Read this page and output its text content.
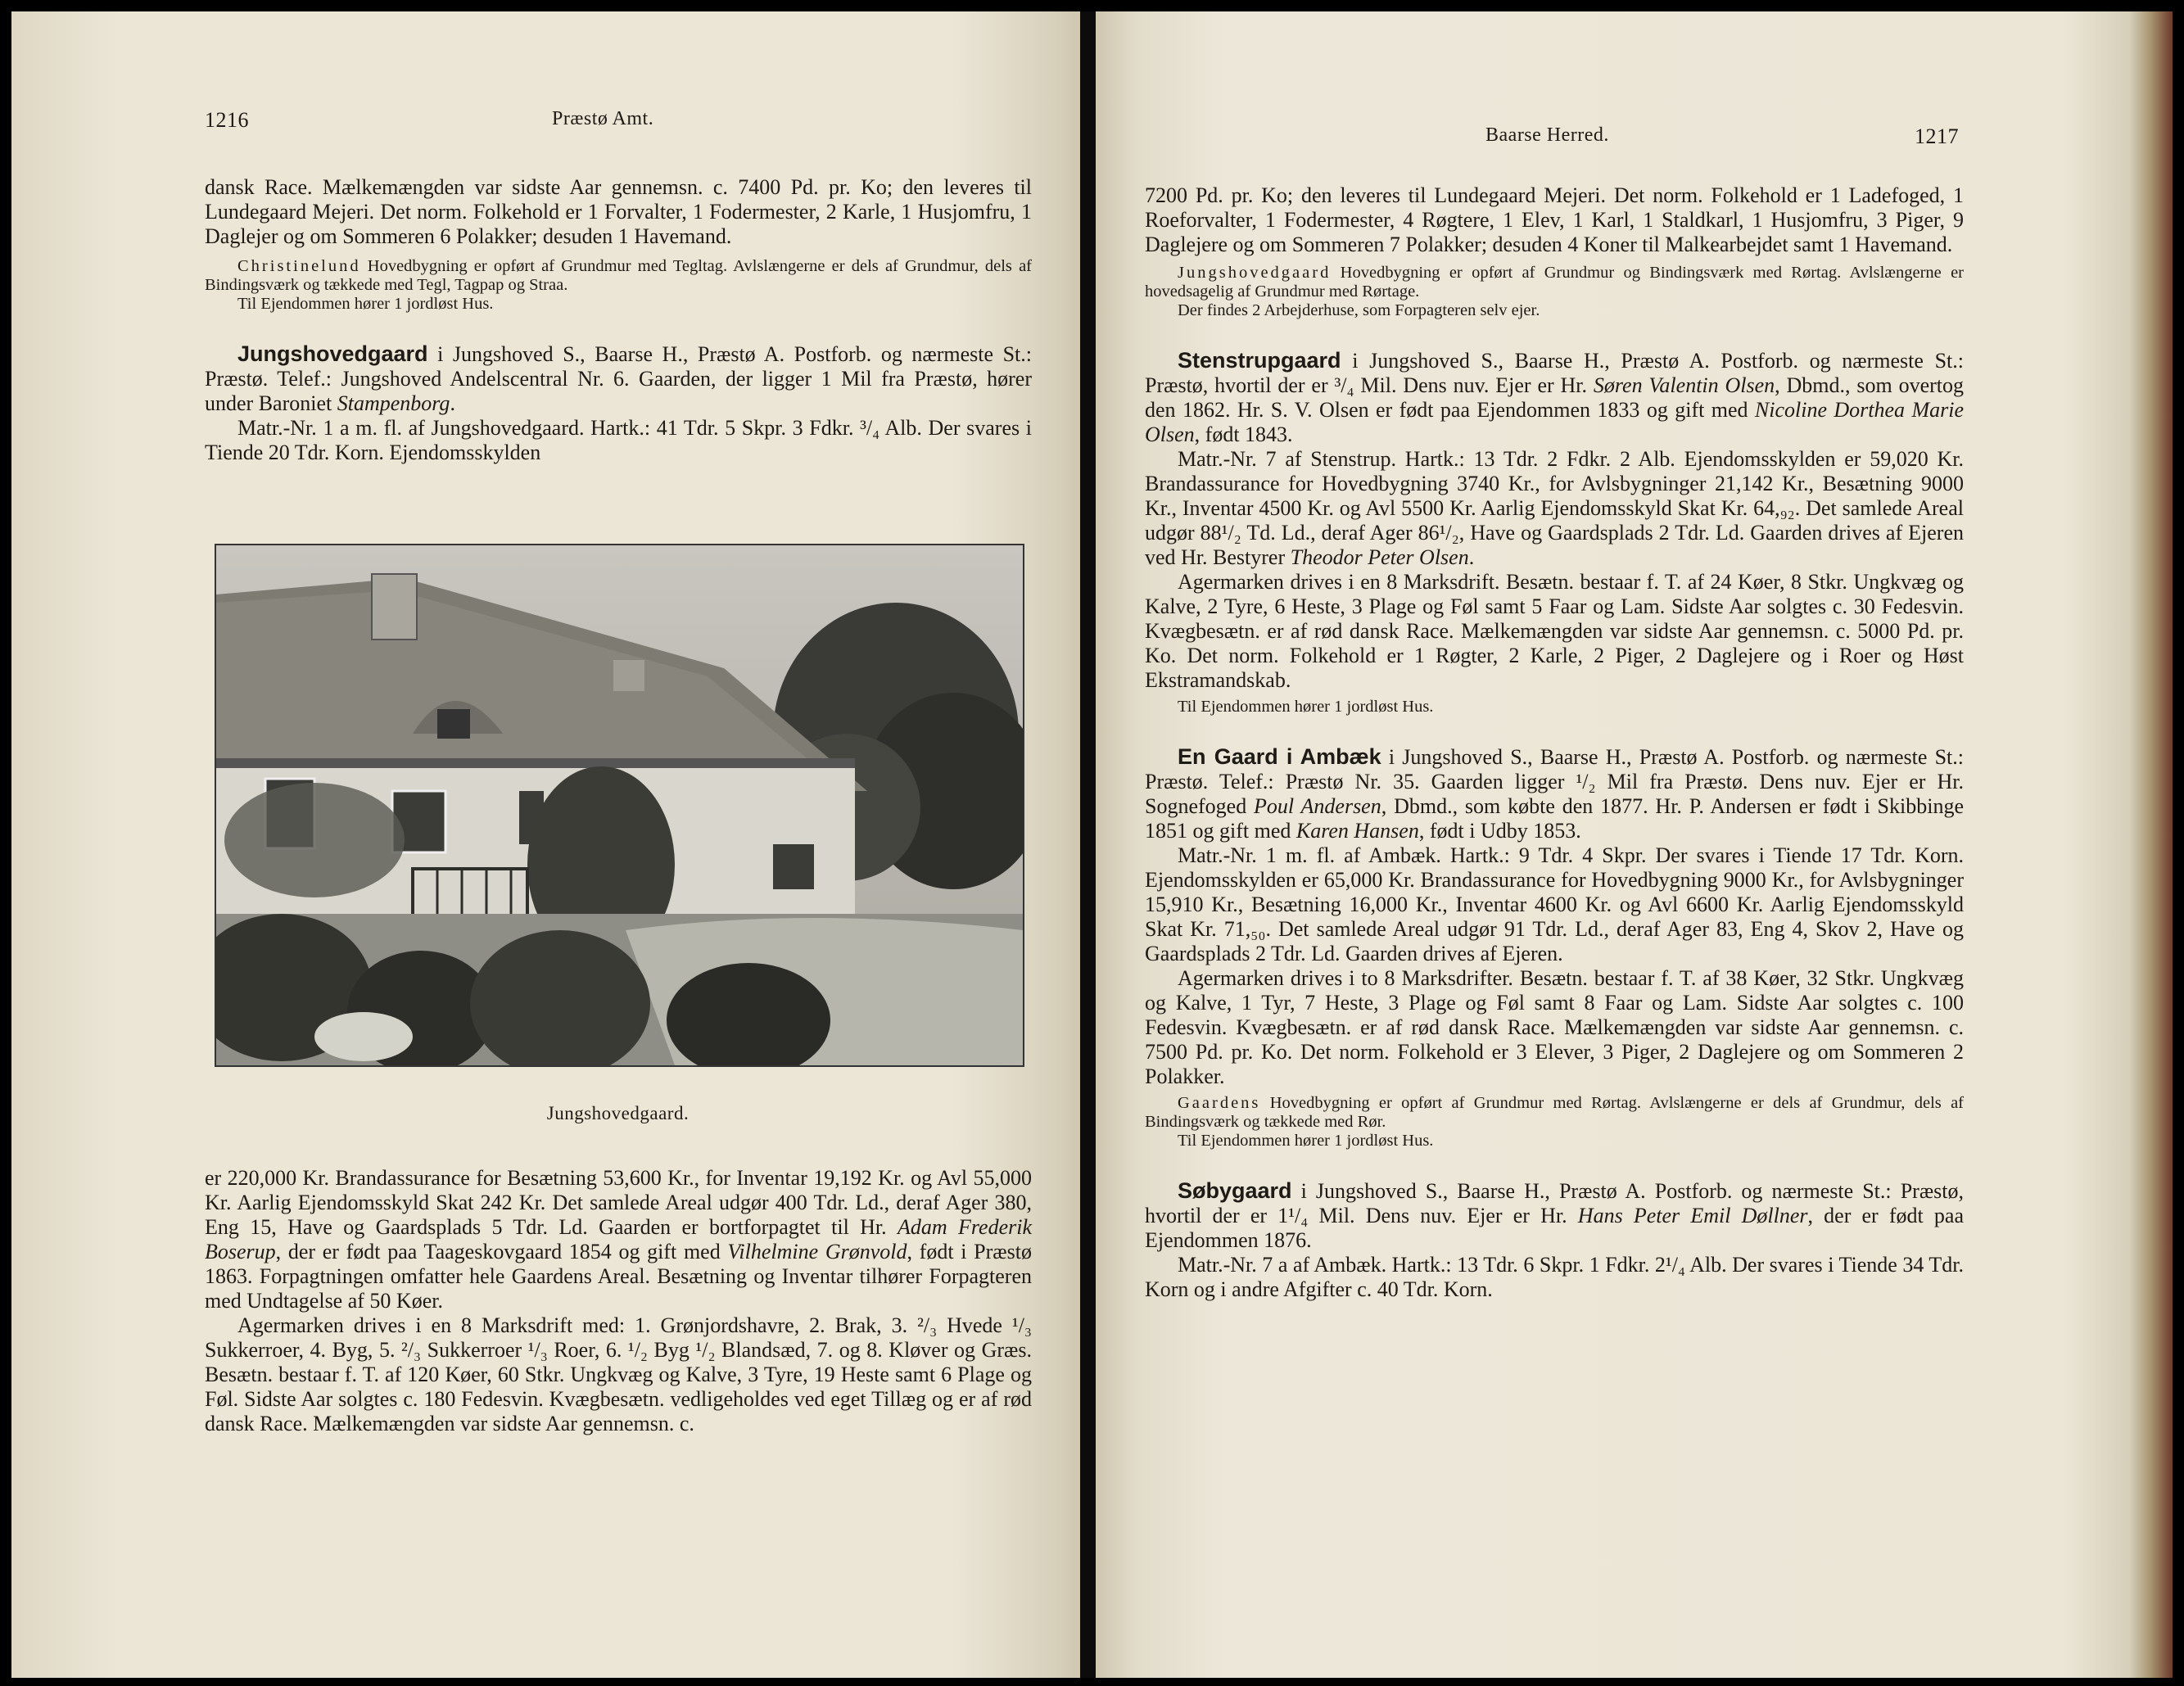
1216	Præstø Amt.

dansk Race. Mælkemængden var sidste Aar gennemsn. c. 7400 Pd. pr. Ko; den leveres til Lundegaard Mejeri. Det norm. Folkehold er 1 Forvalter, 1 Fodermester, 2 Karle, 1 Husjomfru, 1 Daglejer og om Sommeren 6 Polakker; desuden 1 Havemand.

Christinelund Hovedbygning er opført af Grundmur med Tegltag. Avlslængerne er dels af Grundmur, dels af Bindingsværk og tækkede med Tegl, Tagpap og Straa.

Til Ejendommen hører 1 jordløst Hus.

Jungshovedgaard i Jungshoved S., Baarse H., Præstø A. Postforb. og nærmeste St.: Præstø. Telef.: Jungshoved Andelscentral Nr. 6. Gaarden, der ligger 1 Mil fra Præstø, hører under Baroniet Stampenborg.

Matr.-Nr. 1 a m. fl. af Jungshovedgaard. Hartk.: 41 Tdr. 5 Skpr. 3 Fdkr. ³/₄ Alb. Der svares i Tiende 20 Tdr. Korn. Ejendomsskylden

Jungshovedgaard.

er 220,000 Kr. Brandassurance for Besætning 53,600 Kr., for Inventar 19,192 Kr. og Avl 55,000 Kr. Aarlig Ejendomsskyld Skat 242 Kr. Det samlede Areal udgør 400 Tdr. Ld., deraf Ager 380, Eng 15, Have og Gaardsplads 5 Tdr. Ld. Gaarden er bortforpagtet til Hr. Adam Frederik Boserup, der er født paa Taageskovgaard 1854 og gift med Vilhelmine Grønvold, født i Præstø 1863. Forpagtningen omfatter hele Gaardens Areal. Besætning og Inventar tilhører Forpagteren med Undtagelse af 50 Køer.

Agermarken drives i en 8 Marksdrift med: 1. Grønjordshavre, 2. Brak, 3. ²/₃ Hvede ¹/₃ Sukkerroer, 4. Byg, 5. ²/₃ Sukkerroer ¹/₃ Roer, 6. ¹/₂ Byg ¹/₂ Blandsæd, 7. og 8. Kløver og Græs. Besætn. bestaar f. T. af 120 Køer, 60 Stkr. Ungkvæg og Kalve, 3 Tyre, 19 Heste samt 6 Plage og Føl. Sidste Aar solgtes c. 180 Fedesvin. Kvægbesætn. vedligeholdes ved eget Tillæg og er af rød dansk Race. Mælkemængden var sidste Aar gennemsn. c.

Baarse Herred.	1217

7200 Pd. pr. Ko; den leveres til Lundegaard Mejeri. Det norm. Folkehold er 1 Ladefoged, 1 Roeforvalter, 1 Fodermester, 4 Røgtere, 1 Elev, 1 Karl, 1 Staldkarl, 1 Husjomfru, 3 Piger, 9 Daglejere og om Sommeren 7 Polakker; desuden 4 Koner til Malkearbejdet samt 1 Havemand.

Jungshovedgaard Hovedbygning er opført af Grundmur og Bindingsværk med Rørtag. Avlslængerne er hovedsagelig af Grundmur med Rørtage.

Der findes 2 Arbejderhuse, som Forpagteren selv ejer.

Stenstrupgaard i Jungshoved S., Baarse H., Præstø A. Postforb. og nærmeste St.: Præstø, hvortil der er ³/₄ Mil. Dens nuv. Ejer er Hr. Søren Valentin Olsen, Dbmd., som overtog den 1862. Hr. S. V. Olsen er født paa Ejendommen 1833 og gift med Nicoline Dorthea Marie Olsen, født 1843.

Matr.-Nr. 7 af Stenstrup. Hartk.: 13 Tdr. 2 Fdkr. 2 Alb. Ejendomsskylden er 59,020 Kr. Brandassurance for Hovedbygning 3740 Kr., for Avlsbygninger 21,142 Kr., Besætning 9000 Kr., Inventar 4500 Kr. og Avl 5500 Kr. Aarlig Ejendomsskyld Skat Kr. 64,₉₂. Det samlede Areal udgør 88¹/₂ Td. Ld., deraf Ager 86¹/₂, Have og Gaardsplads 2 Tdr. Ld. Gaarden drives af Ejeren ved Hr. Bestyrer Theodor Peter Olsen.

Agermarken drives i en 8 Marksdrift. Besætn. bestaar f. T. af 24 Køer, 8 Stkr. Ungkvæg og Kalve, 2 Tyre, 6 Heste, 3 Plage og Føl samt 5 Faar og Lam. Sidste Aar solgtes c. 30 Fedesvin. Kvægbesætn. er af rød dansk Race. Mælkemængden var sidste Aar gennemsn. c. 5000 Pd. pr. Ko. Det norm. Folkehold er 1 Røgter, 2 Karle, 2 Piger, 2 Daglejere og i Roer og Høst Ekstramandskab.

Til Ejendommen hører 1 jordløst Hus.

En Gaard i Ambæk i Jungshoved S., Baarse H., Præstø A. Postforb. og nærmeste St.: Præstø. Telef.: Præstø Nr. 35. Gaarden ligger ¹/₂ Mil fra Præstø. Dens nuv. Ejer er Hr. Sognefoged Poul Andersen, Dbmd., som købte den 1877. Hr. P. Andersen er født i Skibbinge 1851 og gift med Karen Hansen, født i Udby 1853.

Matr.-Nr. 1 m. fl. af Ambæk. Hartk.: 9 Tdr. 4 Skpr. Der svares i Tiende 17 Tdr. Korn. Ejendomsskylden er 65,000 Kr. Brandassurance for Hovedbygning 9000 Kr., for Avlsbygninger 15,910 Kr., Besætning 16,000 Kr., Inventar 4600 Kr. og Avl 6600 Kr. Aarlig Ejendomsskyld Skat Kr. 71,₅₀. Det samlede Areal udgør 91 Tdr. Ld., deraf Ager 83, Eng 4, Skov 2, Have og Gaardsplads 2 Tdr. Ld. Gaarden drives af Ejeren.

Agermarken drives i to 8 Marksdrifter. Besætn. bestaar f. T. af 38 Køer, 32 Stkr. Ungkvæg og Kalve, 1 Tyr, 7 Heste, 3 Plage og Føl samt 8 Faar og Lam. Sidste Aar solgtes c. 100 Fedesvin. Kvægbesætn. er af rød dansk Race. Mælkemængden var sidste Aar gennemsn. c. 7500 Pd. pr. Ko. Det norm. Folkehold er 3 Elever, 3 Piger, 2 Daglejere og om Sommeren 2 Polakker.

Gaardens Hovedbygning er opført af Grundmur med Rørtag. Avlslængerne er dels af Grundmur, dels af Bindingsværk og tækkede med Rør.

Til Ejendommen hører 1 jordløst Hus.

Søbygaard i Jungshoved S., Baarse H., Præstø A. Postforb. og nærmeste St.: Præstø, hvortil der er 1¹/₄ Mil. Dens nuv. Ejer er Hr. Hans Peter Emil Døllner, der er født paa Ejendommen 1876.

Matr.-Nr. 7 a af Ambæk. Hartk.: 13 Tdr. 6 Skpr. 1 Fdkr. 2¹/₄ Alb. Der svares i Tiende 34 Tdr. Korn og i andre Afgifter c. 40 Tdr. Korn.
